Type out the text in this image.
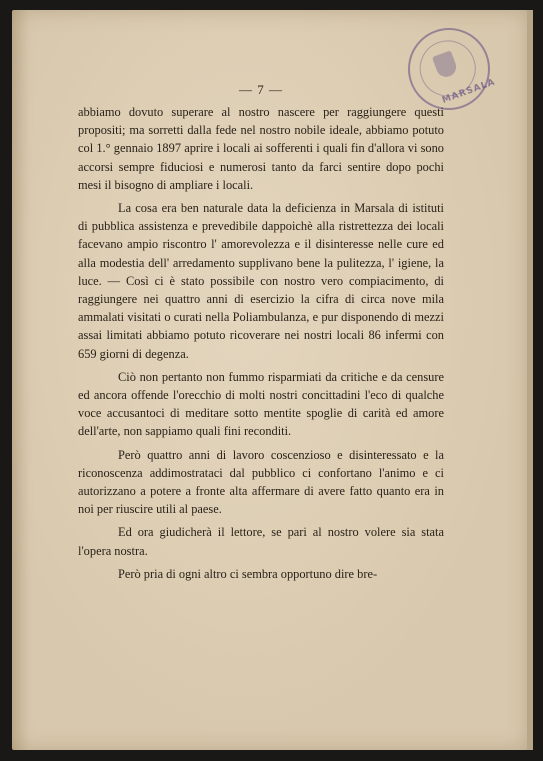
MARSALA
— 7 —

abbiamo dovuto superare al nostro nascere per raggiungere questi propositi; ma sorretti dalla fede nel nostro nobile ideale, abbiamo potuto col 1.° gennaio 1897 aprire i locali ai sofferenti i quali fin d'allora vi sono accorsi sempre fiduciosi e numerosi tanto da farci sentire dopo pochi mesi il bisogno di ampliare i locali.

La cosa era ben naturale data la deficienza in Marsala di istituti di pubblica assistenza e prevedibile dappoichè alla ristrettezza dei locali facevano ampio riscontro l' amorevolezza e il disinteresse nelle cure ed alla modestia dell' arredamento supplivano bene la pulitezza, l' igiene, la luce. — Così ci è stato possibile con nostro vero compiacimento, di raggiungere nei quattro anni di esercizio la cifra di circa nove mila ammalati visitati o curati nella Poliambulanza, e pur disponendo di mezzi assai limitati abbiamo potuto ricoverare nei nostri locali 86 infermi con 659 giorni di degenza.

Ciò non pertanto non fummo risparmiati da critiche e da censure ed ancora offende l'orecchio di molti nostri concittadini l'eco di qualche voce accusantoci di meditare sotto mentite spoglie di carità ed amore dell'arte, non sappiamo quali fini reconditi.

Però quattro anni di lavoro coscenzioso e disinteressato e la riconoscenza addimostrataci dal pubblico ci confortano l'animo e ci autorizzano a potere a fronte alta affermare di avere fatto quanto era in noi per riuscire utili al paese.

Ed ora giudicherà il lettore, se pari al nostro volere sia stata l'opera nostra.

Però pria di ogni altro ci sembra opportuno dire bre-
